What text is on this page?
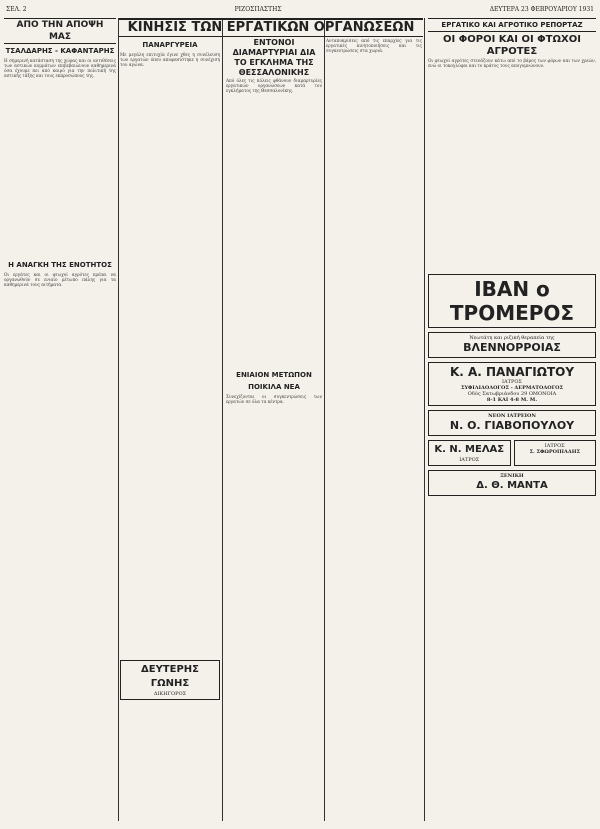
ΣΕΛ. 2	ΡΙΖΟΣΠΑΣΤΗΣ	ΔΕΥΤΕΡΑ 23 ΦΕΒΡΟΥΑΡΙΟΥ 1931
ΑΠΟ ΤΗΝ ΑΠΟΨΗ ΜΑΣ
ΤΣΑΛΔΑΡΗΣ - ΚΑΦΑΝΤΑΡΗΣ
Η σημερινή κατάσταση της χώρας και οι αντιθέσεις των αστικών κομμάτων επιβεβαιώνουν καθημερινά όσα έχουμε πει από καιρό για την πολιτική της αστικής τάξης και τους εκπροσώπους της.
Η ΑΝΑΓΚΗ ΤΗΣ ΕΝΟΤΗΤΟΣ
Οι εργάτες και οι φτωχοί αγρότες πρέπει να οργανωθούν σε ενιαίο μέτωπο πάλης για τα καθημερινά τους αιτήματα.
ΚΙΝΗΣΙΣ ΤΩΝ ΕΡΓΑΤΙΚΩΝ ΟΡΓΑΝΩΣΕΩΝ
ΠΑΝΑΡΓΥΡΕΙΑ
Με μεγάλη επιτυχία έγινε χθες η συνέλευση των εργατών όπου αποφασίστηκε η συνέχιση του αγώνα.
ΔΕΥΤΕΡΗΣ ΓΩΝΗΣ
ΔΙΚΗΓΟΡΟΣ
ΕΝΤΟΝΟΙ ΔΙΑΜΑΡΤΥΡΙΑΙ ΔΙΑ ΤΟ ΕΓΚΛΗΜΑ ΤΗΣ ΘΕΣΣΑΛΟΝΙΚΗΣ
Από όλες τις πόλεις φθάνουν διαμαρτυρίες εργατικών οργανώσεων κατά του εγκλήματος της Θεσσαλονίκης.
ΕΝΙΑΙΟΝ ΜΕΤΩΠΟΝ
ΠΟΙΚΙΛΑ ΝΕΑ
Συνεχίζονται οι συγκεντρώσεις των εργατών σε όλα τα κέντρα.
Ανταποκρίσεις από τις επαρχίες για τις εργατικές κινητοποιήσεις και τις συγκεντρώσεις στα χωριά.
ΕΡΓΑΤΙΚΟ ΚΑΙ ΑΓΡΟΤΙΚΟ ΡΕΠΟΡΤΑΖ
ΟΙ ΦΟΡΟΙ ΚΑΙ ΟΙ ΦΤΩΧΟΙ ΑΓΡΟΤΕΣ
Οι φτωχοί αγρότες στενάζουν κάτω από το βάρος των φόρων και των χρεών, ενώ οι τοκογλύφοι και το κράτος τους απογυμνώνουν.
ΙΒΑΝ ο ΤΡΟΜΕΡΟΣ
Νεωτάτη και ριζική θεραπεία της
ΒΛΕΝΝΟΡΡΟΙΑΣ
Κ. Α. ΠΑΝΑΓΙΩΤΟΥ
ΙΑΤΡΟΣ
ΣΥΦΙΛΙΔΟΛΟΓΟΣ - ΔΕΡΜΑΤΟΛΟΓΟΣ
Οδός Σατωβριάνδου 29 ΟΜΟΝΟΙΑ
8-1 ΚΑΙ 4-8 Μ. Μ.
ΝΕΟΝ ΙΑΤΡΕΙΟΝ
Ν. Ο. ΓΙΑΒΟΠΟΥΛΟΥ
Κ. Ν. ΜΕΛΑΣ
ΙΑΤΡΟΣ
ΙΑΤΡΟΣ
Σ. ΣΦΩΡΟΠΙΑΔΗΣ
ΞΕΝΙΚΗ
Δ. Θ. ΜΑΝΤΑ
